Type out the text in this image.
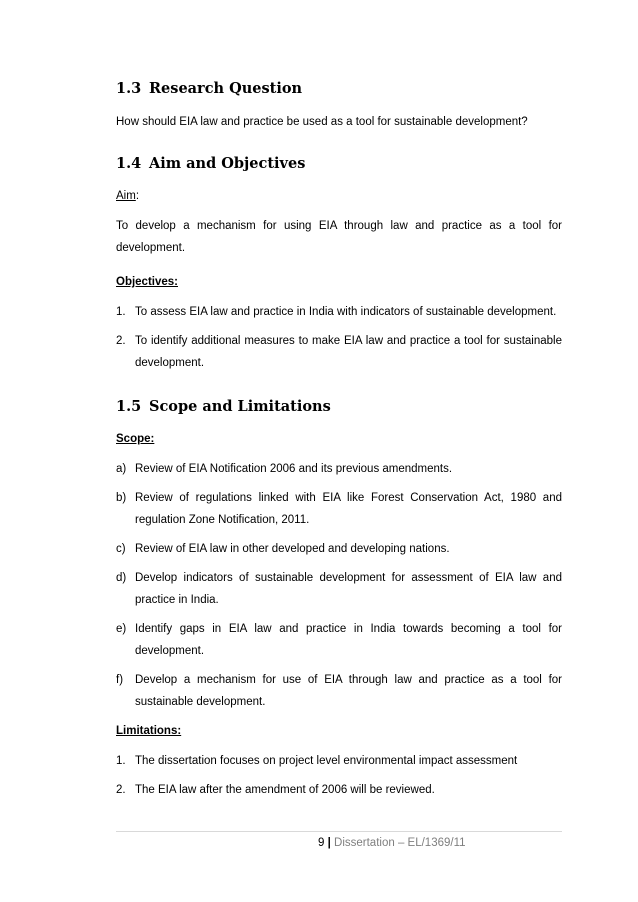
1.3 Research Question
How should EIA law and practice be used as a tool for sustainable development?
1.4 Aim and Objectives
Aim:
To develop a mechanism for using EIA through law and practice as a tool for
development.
Objectives:
1. To assess EIA law and practice in India with indicators of sustainable development.
2. To identify additional measures to make EIA law and practice a tool for sustainable
development.
1.5 Scope and Limitations
Scope:
a) Review of EIA Notification 2006 and its previous amendments.
b) Review of regulations linked with EIA like Forest Conservation Act, 1980 and
regulation Zone Notification, 2011.
c) Review of EIA law in other developed and developing nations.
d) Develop indicators of sustainable development for assessment of EIA law and
practice in India.
e) Identify gaps in EIA law and practice in India towards becoming a tool for
development.
f) Develop a mechanism for use of EIA through law and practice as a tool for
sustainable development.
Limitations:
1. The dissertation focuses on project level environmental impact assessment
2. The EIA law after the amendment of 2006 will be reviewed.
9 | Dissertation – EL/1369/11
